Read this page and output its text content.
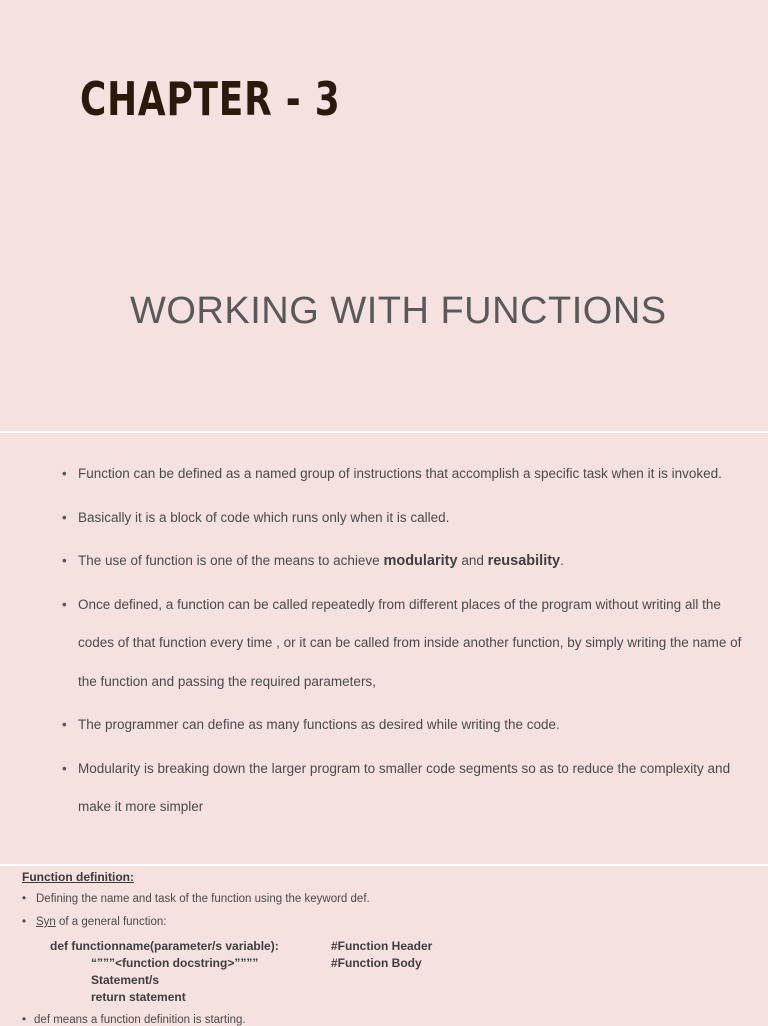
CHAPTER - 3
WORKING WITH FUNCTIONS
• Function can be defined as a named group of instructions that accomplish a specific task when it is invoked.
• Basically it is a block of code which runs only when it is called.
• The use of function is one of the means to achieve modularity and reusability.
• Once defined, a function can be called repeatedly from different places of the program without writing all the codes of that function every time , or it can be called from inside another function, by simply writing the name of the function and passing the required parameters,
• The programmer can define as many functions as desired while writing the code.
• Modularity is breaking down the larger program to smaller code segments so as to reduce the complexity and make it more simpler
Function definition:
• Defining the name and task of the function using the keyword def.
• Syn of a general function:
def functionname(parameter/s variable):	#Function Header
“”””<function docstring>””””	#Function Body
Statement/s
return statement
• def means a function definition is starting.
